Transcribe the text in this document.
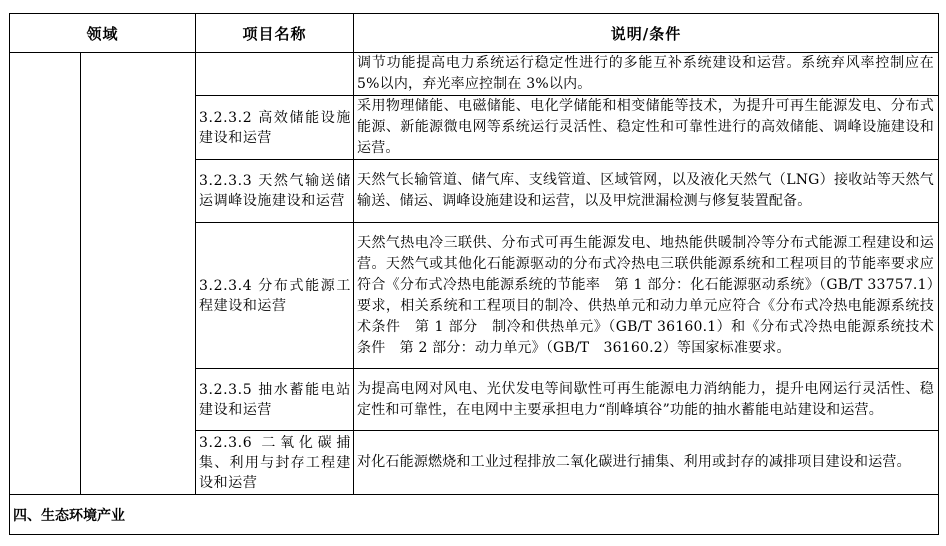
领域		项目名称	说明/条件
			调节功能提高电力系统运行稳定性进行的多能互补系统建设和运营。系统弃风率控制应在 5%以内，弃光率应控制在 3%以内。
		3.2.3.2 高效储能设施建设和运营	采用物理储能、电磁储能、电化学储能和相变储能等技术，为提升可再生能源发电、分布式能源、新能源微电网等系统运行灵活性、稳定性和可靠性进行的高效储能、调峰设施建设和运营。
		3.2.3.3 天然气输送储运调峰设施建设和运营	天然气长输管道、储气库、支线管道、区域管网，以及液化天然气（LNG）接收站等天然气输送、储运、调峰设施建设和运营，以及甲烷泄漏检测与修复装置配备。
		3.2.3.4 分布式能源工程建设和运营	天然气热电冷三联供、分布式可再生能源发电、地热能供暖制冷等分布式能源工程建设和运营。天然气或其他化石能源驱动的分布式冷热电三联供能源系统和工程项目的节能率要求应符合《分布式冷热电能源系统的节能率　第 1 部分：化石能源驱动系统》（GB/T 33757.1）要求，相关系统和工程项目的制冷、供热单元和动力单元应符合《分布式冷热电能源系统技术条件　第 1 部分　制冷和供热单元》（GB/T 36160.1）和《分布式冷热电能源系统技术条件　第 2 部分：动力单元》（GB/T　36160.2）等国家标准要求。
		3.2.3.5 抽水蓄能电站建设和运营	为提高电网对风电、光伏发电等间歇性可再生能源电力消纳能力，提升电网运行灵活性、稳定性和可靠性，在电网中主要承担电力“削峰填谷”功能的抽水蓄能电站建设和运营。
		3.2.3.6 二氧化碳捕集、利用与封存工程建设和运营	对化石能源燃烧和工业过程排放二氧化碳进行捕集、利用或封存的减排项目建设和运营。
四、生态环境产业			
